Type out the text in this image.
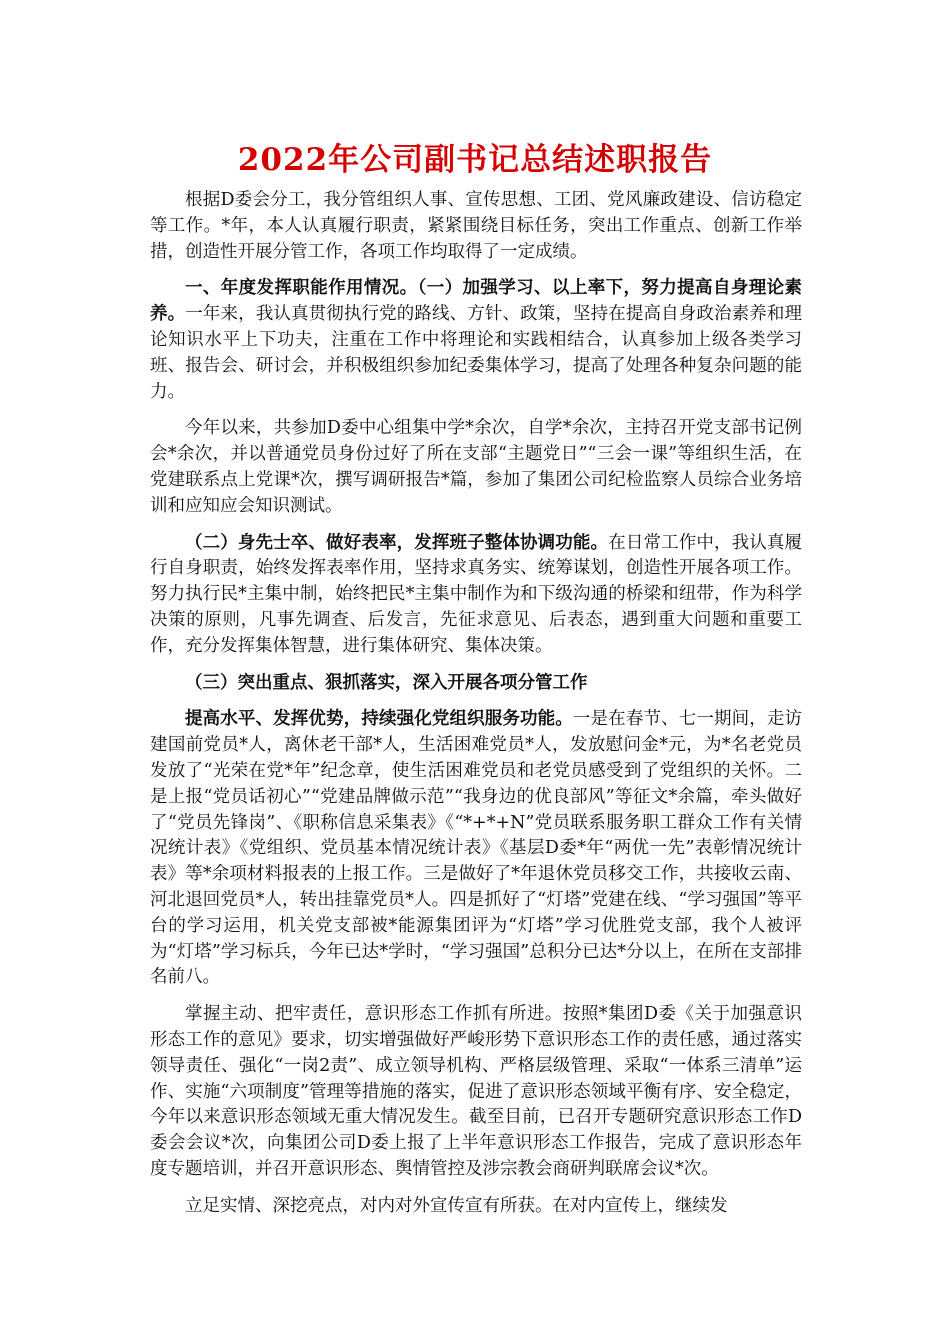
2022年公司副书记总结述职报告

根据D委会分工，我分管组织人事、宣传思想、工团、党风廉政建设、信访稳定等工作。*年，本人认真履行职责，紧紧围绕目标任务，突出工作重点、创新工作举措，创造性开展分管工作，各项工作均取得了一定成绩。

一、年度发挥职能作用情况。（一）加强学习、以上率下，努力提高自身理论素养。一年来，我认真贯彻执行党的路线、方针、政策，坚持在提高自身政治素养和理论知识水平上下功夫，注重在工作中将理论和实践相结合，认真参加上级各类学习班、报告会、研讨会，并积极组织参加纪委集体学习，提高了处理各种复杂问题的能力。

今年以来，共参加D委中心组集中学*余次，自学*余次，主持召开党支部书记例会*余次，并以普通党员身份过好了所在支部“主题党日”“三会一课”等组织生活，在党建联系点上党课*次，撰写调研报告*篇，参加了集团公司纪检监察人员综合业务培训和应知应会知识测试。

（二）身先士卒、做好表率，发挥班子整体协调功能。在日常工作中，我认真履行自身职责，始终发挥表率作用，坚持求真务实、统筹谋划，创造性开展各项工作。努力执行民*主集中制，始终把民*主集中制作为和下级沟通的桥梁和纽带，作为科学决策的原则，凡事先调查、后发言，先征求意见、后表态，遇到重大问题和重要工作，充分发挥集体智慧，进行集体研究、集体决策。

（三）突出重点、狠抓落实，深入开展各项分管工作

提高水平、发挥优势，持续强化党组织服务功能。一是在春节、七一期间，走访建国前党员*人，离休老干部*人，生活困难党员*人，发放慰问金*元，为*名老党员发放了“光荣在党*年”纪念章，使生活困难党员和老党员感受到了党组织的关怀。二是上报“党员话初心”“党建品牌做示范”“我身边的优良部风”等征文*余篇，牵头做好了“党员先锋岗”、《职称信息采集表》《“*+*+N”党员联系服务职工群众工作有关情况统计表》《党组织、党员基本情况统计表》《基层D委*年“两优一先”表彰情况统计表》等*余项材料报表的上报工作。三是做好了*年退休党员移交工作，共接收云南、河北退回党员*人，转出挂靠党员*人。四是抓好了“灯塔”党建在线、“学习强国”等平台的学习运用，机关党支部被*能源集团评为“灯塔”学习优胜党支部，我个人被评为“灯塔”学习标兵，今年已达*学时，“学习强国”总积分已达*分以上，在所在支部排名前八。

掌握主动、把牢责任，意识形态工作抓有所进。按照*集团D委《关于加强意识形态工作的意见》要求，切实增强做好严峻形势下意识形态工作的责任感，通过落实领导责任、强化“一岗2责”、成立领导机构、严格层级管理、采取“一体系三清单”运作、实施“六项制度”管理等措施的落实，促进了意识形态领域平衡有序、安全稳定，今年以来意识形态领域无重大情况发生。截至目前，已召开专题研究意识形态工作D委会会议*次，向集团公司D委上报了上半年意识形态工作报告，完成了意识形态年度专题培训，并召开意识形态、舆情管控及涉宗教会商研判联席会议*次。

立足实情、深挖亮点，对内对外宣传宣有所获。在对内宣传上，继续发
